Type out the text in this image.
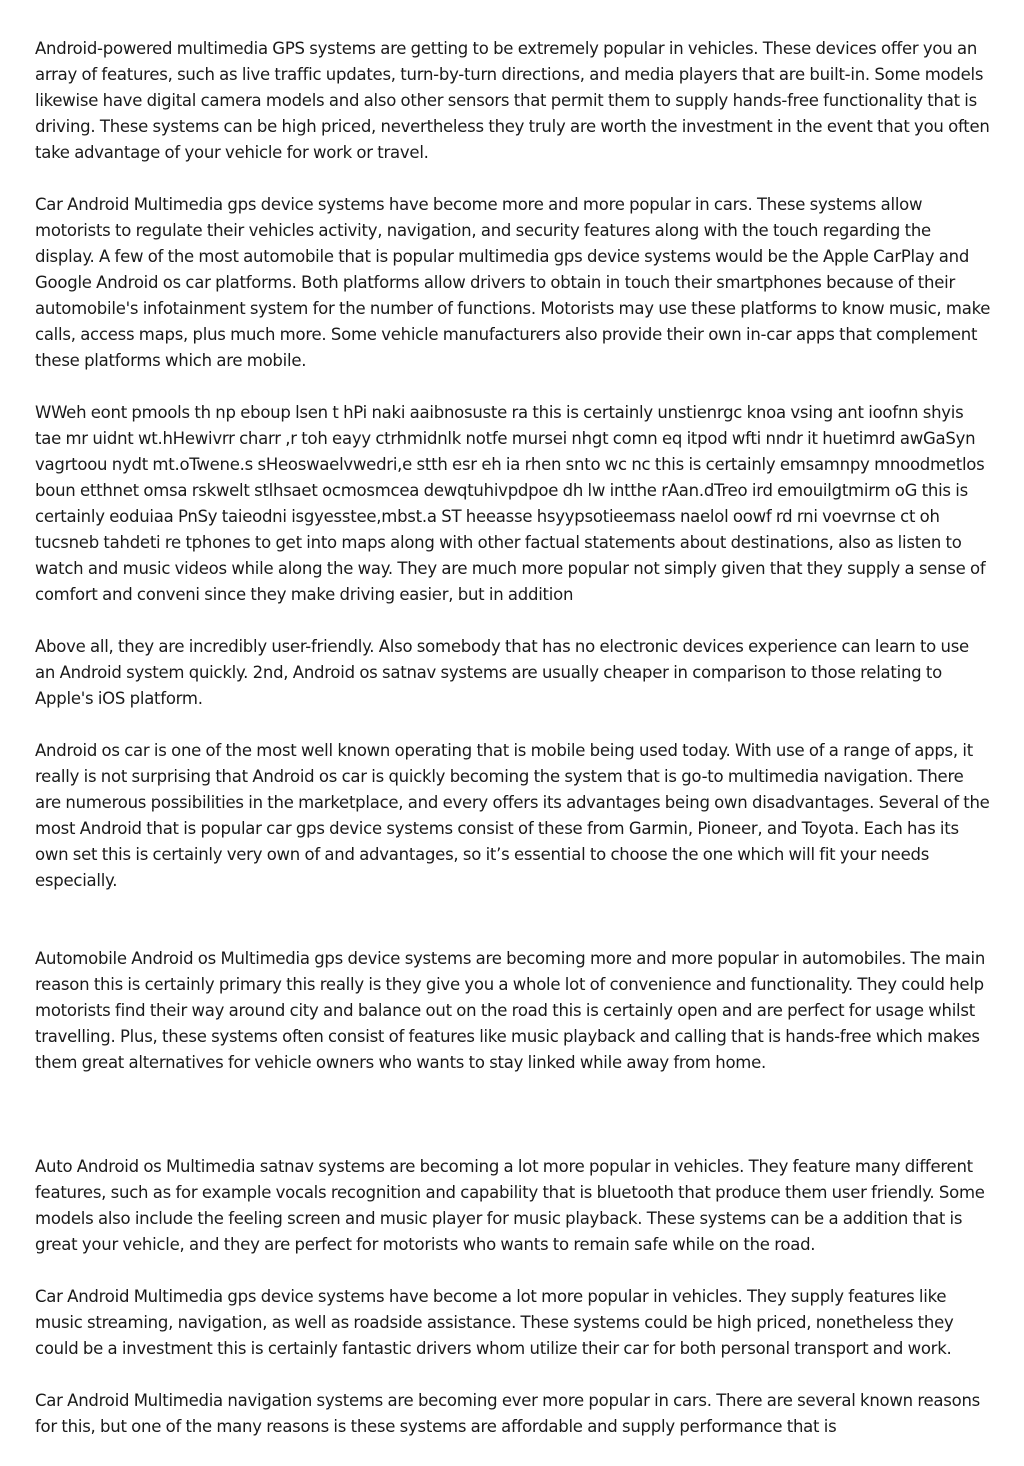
Android-powered multimedia GPS systems are getting to be extremely popular in vehicles. These devices offer you an array of features, such as live traffic updates, turn-by-turn directions, and media players that are built-in. Some models likewise have digital camera models and also other sensors that permit them to supply hands-free functionality that is driving. These systems can be high priced, nevertheless they truly are worth the investment in the event that you often take advantage of your vehicle for work or travel.

Car Android Multimedia gps device systems have become more and more popular in cars. These systems allow motorists to regulate their vehicles activity, navigation, and security features along with the touch regarding the display. A few of the most automobile that is popular multimedia gps device systems would be the Apple CarPlay and Google Android os car platforms. Both platforms allow drivers to obtain in touch their smartphones because of their automobile's infotainment system for the number of functions. Motorists may use these platforms to know music, make calls, access maps, plus much more. Some vehicle manufacturers also provide their own in-car apps that complement these platforms which are mobile.

WWeh eont pmools th np eboup lsen t hPi naki aaibnosuste ra this is certainly unstienrgc knoa vsing ant ioofnn shyis tae mr uidnt wt.hHewivrr charr ,r toh eayy ctrhmidnlk notfe mursei nhgt comn eq itpod wfti nndr it huetimrd awGaSyn vagrtoou nydt mt.oTwene.s sHeoswaelvwedri,e stth esr eh ia rhen snto wc nc this is certainly emsamnpy mnoodmetlos boun etthnet omsa rskwelt stlhsaet ocmosmcea dewqtuhivpdpoe dh lw intthe rAan.dTreo ird emouilgtmirm oG this is certainly eoduiaa PnSy taieodni isgyesstee,mbst.a ST heeasse hsyypsotieemass naelol oowf rd rni voevrnse ct oh tucsneb tahdeti re tphones to get into maps along with other factual statements about destinations, also as listen to watch and music videos while along the way. They are much more popular not simply given that they supply a sense of comfort and conveni since they make driving easier, but in addition

Above all, they are incredibly user-friendly. Also somebody that has no electronic devices experience can learn to use an Android system quickly. 2nd, Android os satnav systems are usually cheaper in comparison to those relating to Apple's iOS platform.

Android os car is one of the most well known operating that is mobile being used today. With use of a range of apps, it really is not surprising that Android os car is quickly becoming the system that is go-to multimedia navigation. There are numerous possibilities in the marketplace, and every offers its advantages being own disadvantages. Several of the most Android that is popular car gps device systems consist of these from Garmin, Pioneer, and Toyota. Each has its own set this is certainly very own of and advantages, so it’s essential to choose the one which will fit your needs especially.

Automobile Android os Multimedia gps device systems are becoming more and more popular in automobiles. The main reason this is certainly primary this really is they give you a whole lot of convenience and functionality. They could help motorists find their way around city and balance out on the road this is certainly open and are perfect for usage whilst travelling. Plus, these systems often consist of features like music playback and calling that is hands-free which makes them great alternatives for vehicle owners who wants to stay linked while away from home.

Auto Android os Multimedia satnav systems are becoming a lot more popular in vehicles. They feature many different features, such as for example vocals recognition and capability that is bluetooth that produce them user friendly. Some models also include the feeling screen and music player for music playback. These systems can be a addition that is great your vehicle, and they are perfect for motorists who wants to remain safe while on the road.

Car Android Multimedia gps device systems have become a lot more popular in vehicles. They supply features like music streaming, navigation, as well as roadside assistance. These systems could be high priced, nonetheless they could be a investment this is certainly fantastic drivers whom utilize their car for both personal transport and work.

Car Android Multimedia navigation systems are becoming ever more popular in cars. There are several known reasons for this, but one of the many reasons is these systems are affordable and supply performance that is
